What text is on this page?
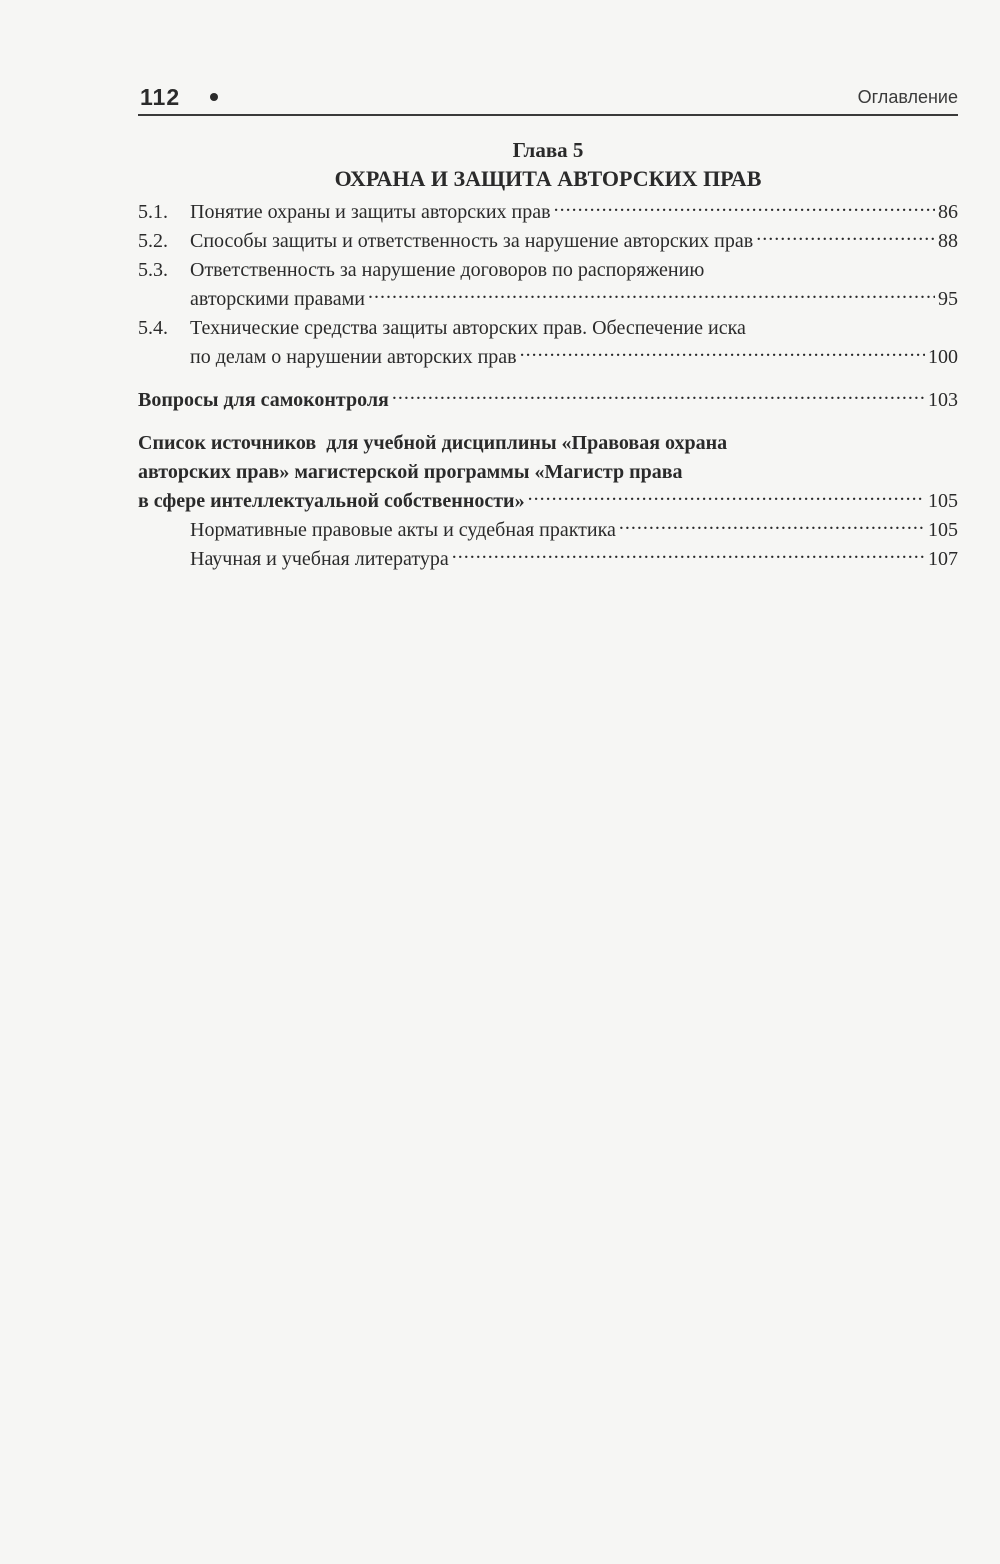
112	Оглавление
Глава 5
ОХРАНА И ЗАЩИТА АВТОРСКИХ ПРАВ
5.1.	Понятие охраны и защиты авторских прав .....	86
5.2.	Способы защиты и ответственность за нарушение авторских прав .....	88
5.3.	Ответственность за нарушение договоров по распоряжению
авторскими правами .....	95
5.4.	Технические средства защиты авторских прав. Обеспечение иска
по делам о нарушении авторских прав .....	100
Вопросы для самоконтроля .....	103
Список источников  для учебной дисциплины «Правовая охрана
авторских прав» магистерской программы «Магистр права
в сфере интеллектуальной собственности» .....	105
Нормативные правовые акты и судебная практика .....	105
Научная и учебная литература .....	107
